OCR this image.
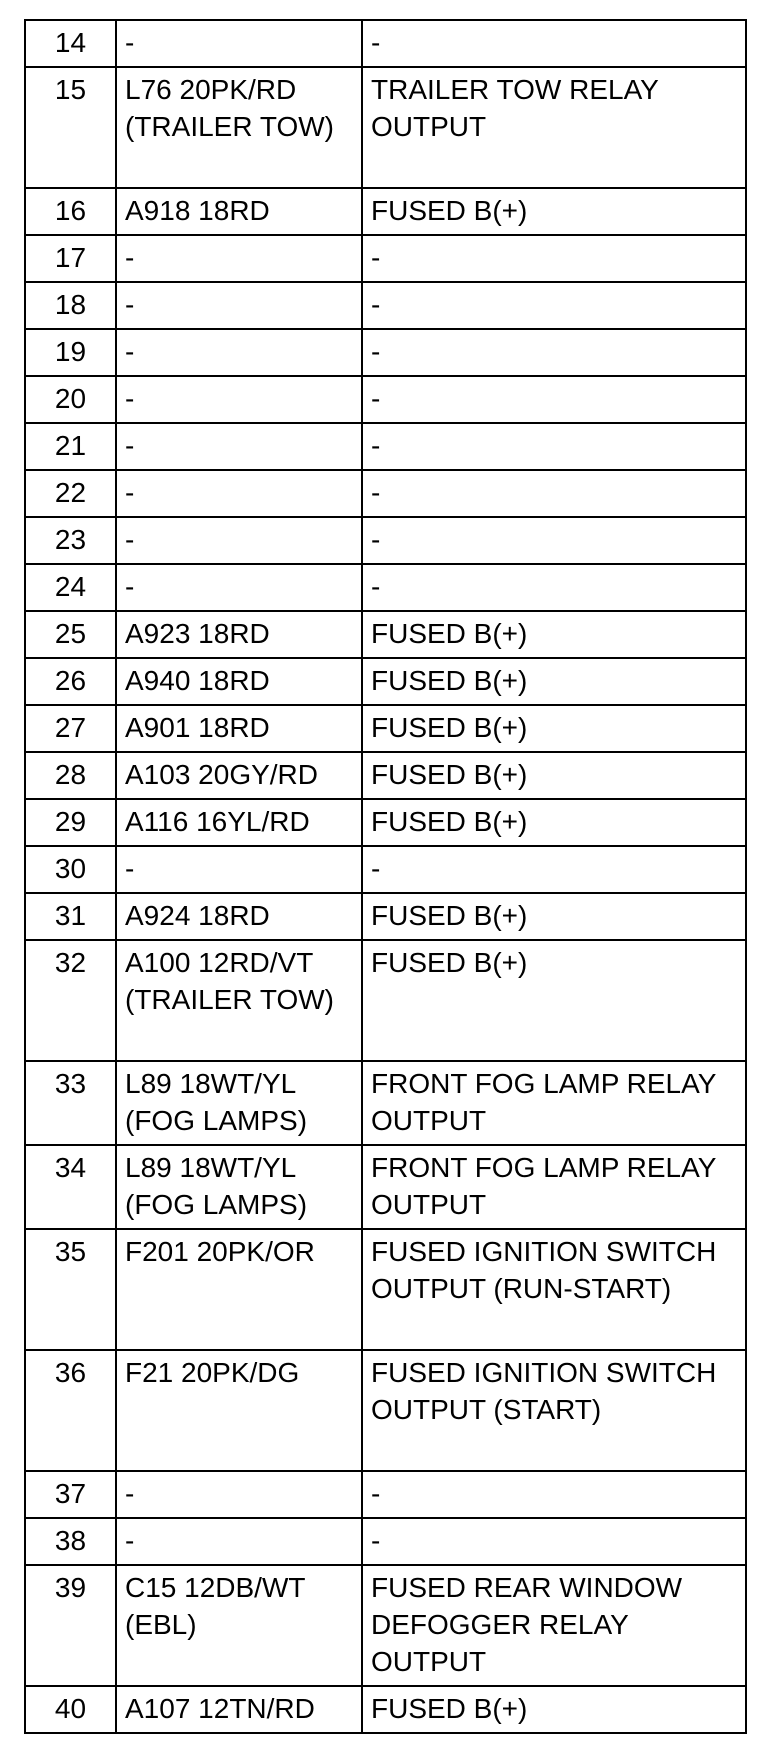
14	-	-
15	L76 20PK/RD (TRAILER TOW)	TRAILER TOW RELAY OUTPUT
16	A918 18RD	FUSED B(+)
17	-	-
18	-	-
19	-	-
20	-	-
21	-	-
22	-	-
23	-	-
24	-	-
25	A923 18RD	FUSED B(+)
26	A940 18RD	FUSED B(+)
27	A901 18RD	FUSED B(+)
28	A103 20GY/RD	FUSED B(+)
29	A116 16YL/RD	FUSED B(+)
30	-	-
31	A924 18RD	FUSED B(+)
32	A100 12RD/VT (TRAILER TOW)	FUSED B(+)
33	L89 18WT/YL (FOG LAMPS)	FRONT FOG LAMP RELAY OUTPUT
34	L89 18WT/YL (FOG LAMPS)	FRONT FOG LAMP RELAY OUTPUT
35	F201 20PK/OR	FUSED IGNITION SWITCH OUTPUT (RUN-START)
36	F21 20PK/DG	FUSED IGNITION SWITCH OUTPUT (START)
37	-	-
38	-	-
39	C15 12DB/WT (EBL)	FUSED REAR WINDOW DEFOGGER RELAY OUTPUT
40	A107 12TN/RD	FUSED B(+)
